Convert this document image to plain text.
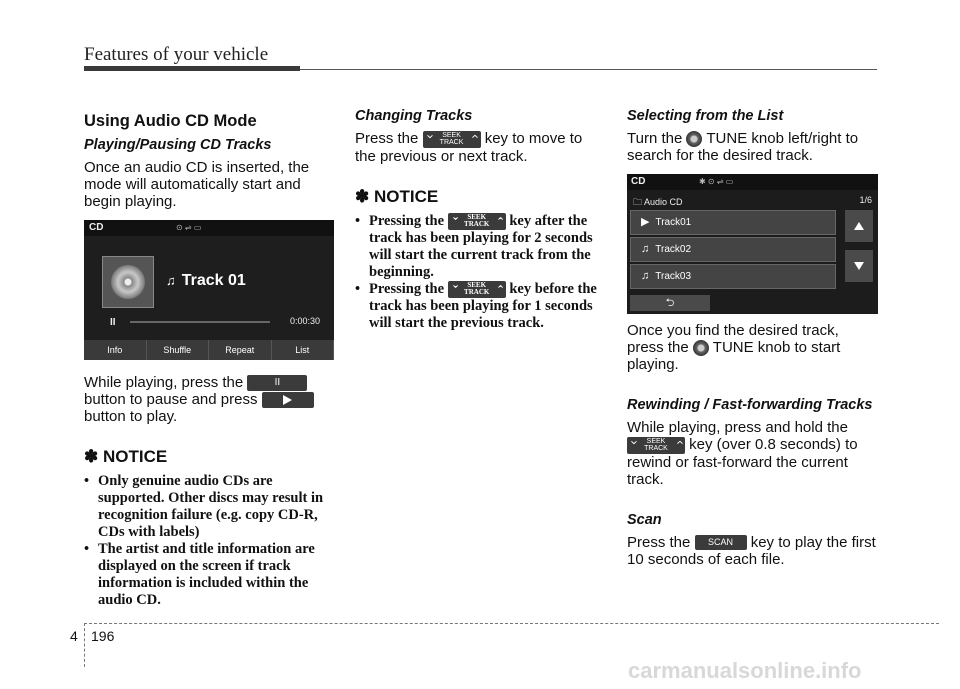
Features of your vehicle
Using Audio CD Mode
Playing/Pausing CD Tracks

Once an audio CD is inserted, the mode will automatically start and begin playing.

CD	⊙ ⇌ ▭
♫ Track 01
II	0:00:30
Info	Shuffle	Repeat	List

While playing, press the	II button to pause and press  button to play.

✽ NOTICE
• Only genuine audio CDs are supported. Other discs may result in recognition failure (e.g. copy CD-R, CDs with labels)
• The artist and title information are displayed on the screen if track information is included within the audio CD.
Changing Tracks

Press the	‹ SEEK
TRACK › key to move to the previous or next track.

✽ NOTICE
• Pressing the	‹ SEEK
TRACK › key after the track has been playing for 2 seconds will start the current track from the beginning.
• Pressing the	‹ SEEK
TRACK › key before the track has been playing for 1 seconds will start the previous track.
Selecting from the List

Turn the TUNE knob left/right to search for the desired track.

CD	✱ ⊙ ⇌ ▭
🗀 Audio CD	1/6
▶ Track01
♫ Track02
♫ Track03
⮌

Once you find the desired track, press the TUNE knob to start playing.

Rewinding / Fast-forwarding Tracks

While playing, press and hold the ‹ SEEK
TRACK › key (over 0.8 seconds) to rewind or fast-forward the current track.

Scan

Press the SCAN key to play the first 10 seconds of each file.

4 196
carmanualsonline.info
